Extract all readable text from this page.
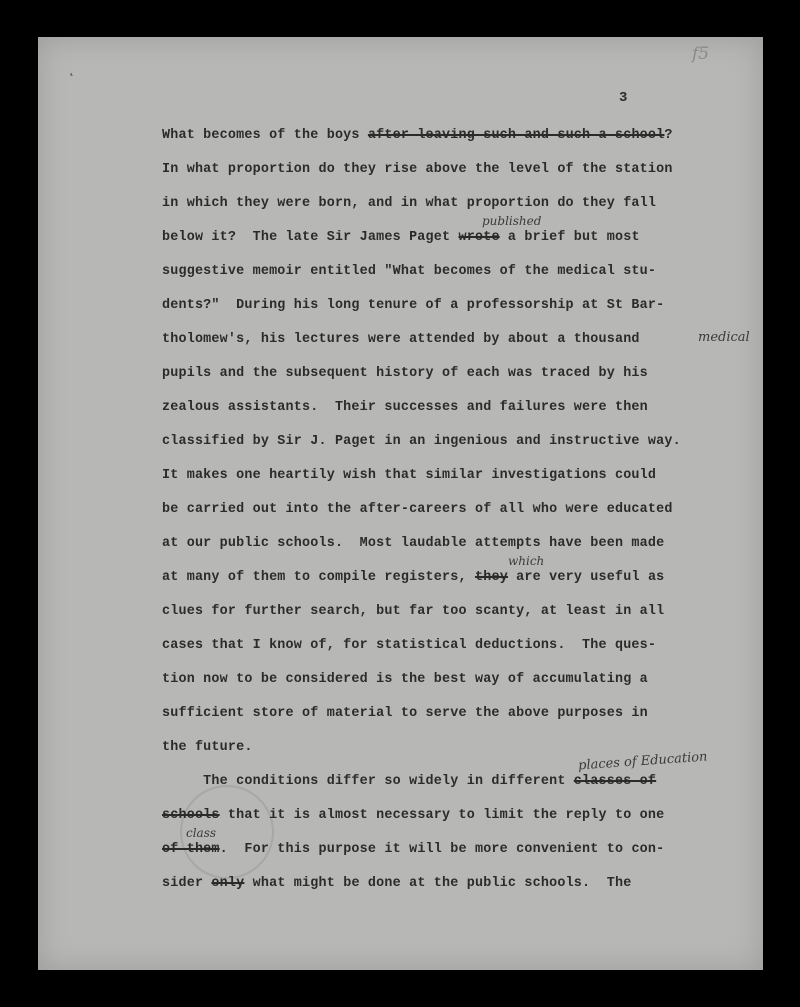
f5
˛
3
What becomes of the boys after leaving such and such a school?
In what proportion do they rise above the level of the station
in which they were born, and in what proportion do they fall
below it?  The late Sir James Paget wrote a brief but most
suggestive memoir entitled "What becomes of the medical stu-
dents?"  During his long tenure of a professorship at St Bar-
tholomew's, his lectures were attended by about a thousand
pupils and the subsequent history of each was traced by his
zealous assistants.  Their successes and failures were then
classified by Sir J. Paget in an ingenious and instructive way.
It makes one heartily wish that similar investigations could
be carried out into the after-careers of all who were educated
at our public schools.  Most laudable attempts have been made
at many of them to compile registers, they are very useful as
clues for further search, but far too scanty, at least in all
cases that I know of, for statistical deductions.  The ques-
tion now to be considered is the best way of accumulating a
sufficient store of material to serve the above purposes in
the future.
The conditions differ so widely in different classes of
schools that it is almost necessary to limit the reply to one
of them.  For this purpose it will be more convenient to con-
sider only what might be done at the public schools.  The
published
medical
which
places of Education
class
